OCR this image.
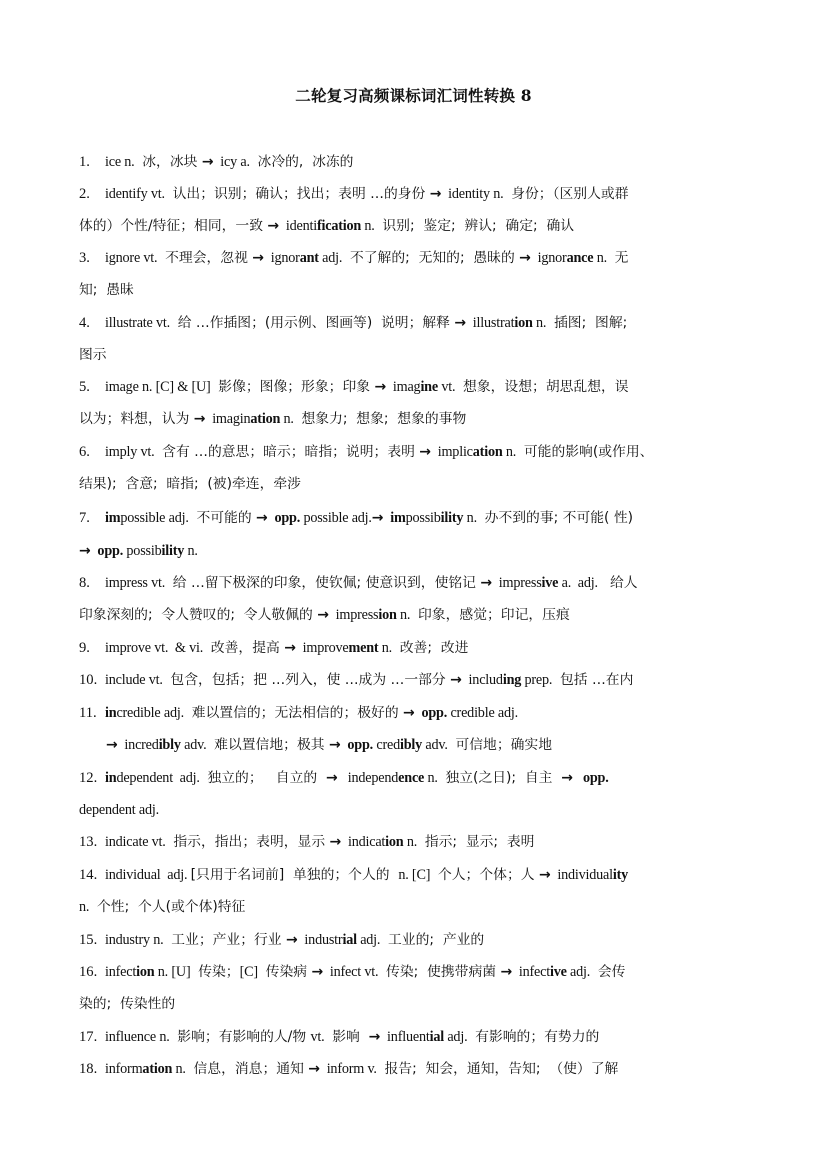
二轮复习高频课标词汇词性转换 8
1. ice n.  冰，冰块 →  icy a.  冰冷的,  冰冻的
2. identify vt.  认出；识别；确认；找出；表明 …的身份 →  identity n.  身份；（区别人或群
体的）个性/特征；相同，一致 →  identification n.  识别;  鉴定;  辨认;  确定;  确认
3. ignore vt.  不理会，忽视 →  ignorant adj.  不了解的;  无知的;  愚昧的 →  ignorance n.  无
知;  愚昧
4. illustrate vt.  给 …作插图；(用示例、图画等)  说明；解释 →  illustration n.  插图;  图解;
图示
5. image n. [C] & [U]  影像；图像；形象；印象 →  imagine vt.  想象，设想；胡思乱想，误
以为；料想，认为 →  imagination n.  想象力;  想象;  想象的事物
6. imply vt.  含有 …的意思；暗示；暗指；说明；表明 →  implication n.  可能的影响(或作用、
结果);  含意;  暗指;  (被)牵连，牵涉
7. impossible adj.  不可能的 →  opp. possible adj.→ impossibility n.  办不到的事; 不可能( 性)
→  opp. possibility n.
8. impress vt.  给 …留下极深的印象，使钦佩; 使意识到，使铭记 →  impressive a.  adj.   给人
印象深刻的;  令人赞叹的;  令人敬佩的 →  impression n.  印象，感觉；印记，压痕
9. improve vt.  & vi.  改善，提高 →  improvement n.  改善;  改进
10. include vt.  包含，包括；把 …列入，使 …成为 …一部分 →  including prep.  包括 …在内
11. incredible adj.  难以置信的；无法相信的；极好的 →  opp. credible adj.
→  incredibly adv.  难以置信地；极其 →  opp. credibly adv.  可信地；确实地
12. independent  adj.  独立的；   自立的  →   independence n.  独立(之日);  自主  →   opp.
dependent adj.
13. indicate vt.  指示，指出；表明，显示 →  indication n.  指示;  显示;  表明
14. individual  adj. [只用于名词前]  单独的；个人的  n. [C]  个人；个体；人 →  individuality
n.  个性;  个人(或个体)特征
15. industry n.  工业；产业；行业 →  industrial adj.  工业的;  产业的
16. infection n. [U]  传染；[C]  传染病 →  infect vt.  传染;  使携带病菌 →  infective adj.  会传
染的;  传染性的
17. influence n.  影响；有影响的人/物 vt.  影响  →  influential adj.  有影响的；有势力的
18. information n.  信息，消息；通知 →  inform v.  报告;  知会，通知，告知;  （使）了解
